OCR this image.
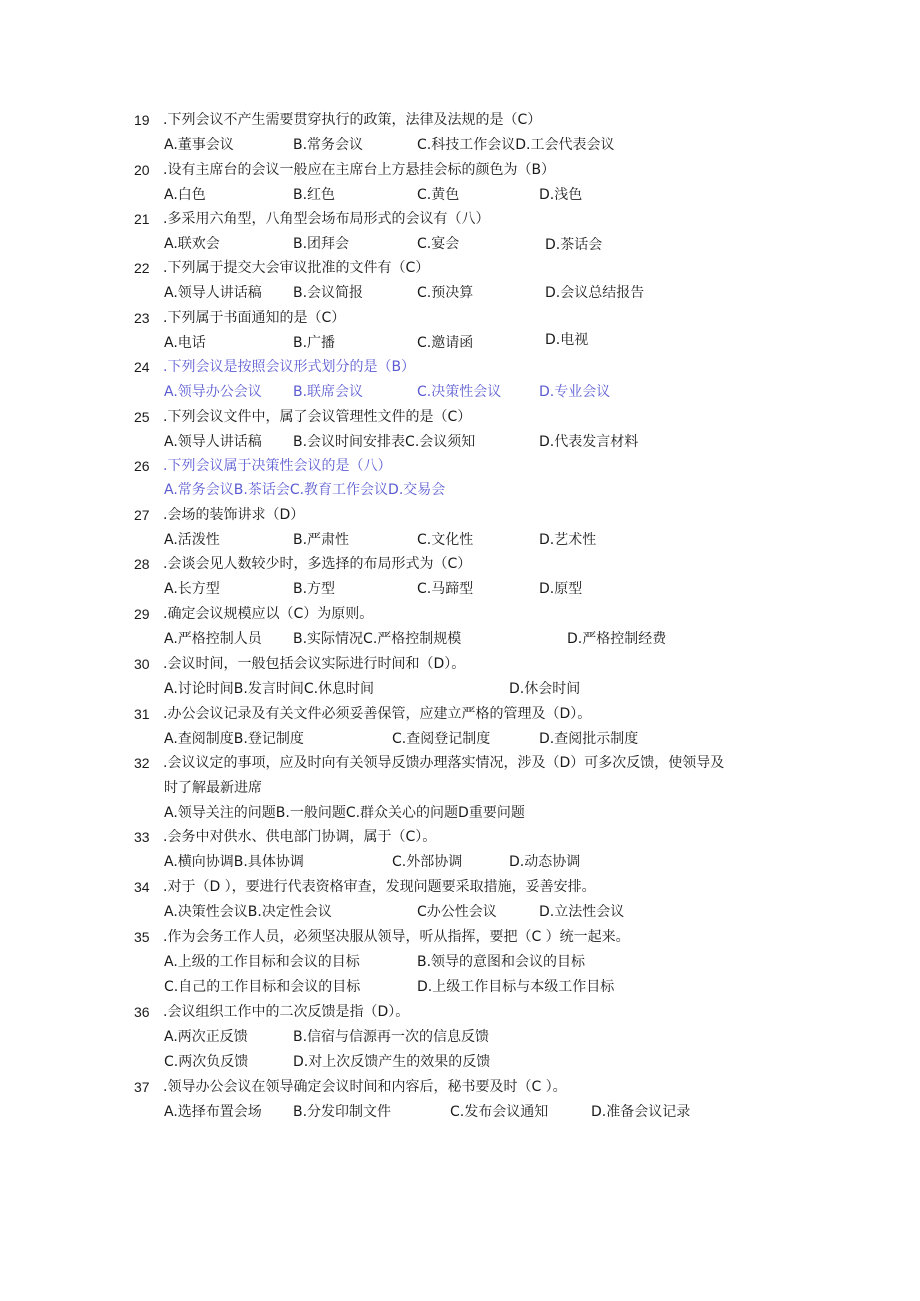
19 .下列会议不产生需要贯穿执行的政策，法律及法规的是（C）
A.董事会议	B.常务会议	C.科技工作会议D.工会代表会议
20 .设有主席台的会议一般应在主席台上方悬挂会标的颜色为（B）
A.白色	B.红色	C.黄色	D.浅色
21 .多采用六角型，八角型会场布局形式的会议有（八）
A.联欢会	B.团拜会	C.宴会	D.茶话会
22 .下列属于提交大会审议批准的文件有（C）
A.领导人讲话稿 B.会议简报	C.预决算	D.会议总结报告
23 .下列属于书面通知的是（C）
A.电话	B.广播	C.邀请函	D.电视
24 .下列会议是按照会议形式划分的是（B）
A.领导办公会议 B.联席会议	C.决策性会议	D.专业会议
25 .下列会议文件中，属了会议管理性文件的是（C）
A.领导人讲话稿 B.会议时间安排表C.会议须知	D.代表发言材料
26 .下列会议属于决策性会议的是（八）
A.常务会议B.茶话会C.教育工作会议D.交易会
27 .会场的装饰讲求（D）
A.活泼性	B.严肃性	C.文化性	D.艺术性
28 .会谈会见人数较少时，多选择的布局形式为（C）
A.长方型	B.方型	C.马蹄型	D.原型
29 .确定会议规模应以（C）为原则。
A.严格控制人员 B.实际情况C.严格控制规模	D.严格控制经费
30 .会议时间，一般包括会议实际进行时间和（D）。
A.讨论时间B.发言时间C.休息时间	D.休会时间
31 .办公会议记录及有关文件必须妥善保管，应建立严格的管理及（D）。
A.查阅制度B.登记制度	C.查阅登记制度	D.查阅批示制度
32 .会议议定的事项，应及时向有关领导反馈办理落实情况，涉及（D）可多次反馈，使领导及
时了解最新进席
A.领导关注的问题B.一般问题C.群众关心的问题D重要问题
33 .会务中对供水、供电部门协调，属于（C）。
A.横向协调B.具体协调	C.外部协调	D.动态协调
34 .对于（D ），要进行代表资格审查，发现问题要采取措施，妥善安排。
A.决策性会议B.决定性会议	C办公性会议	D.立法性会议
35 .作为会务工作人员，必须坚决服从领导，听从指挥，要把（C ）统一起来。
A.上级的工作目标和会议的目标	B.领导的意图和会议的目标
C.自己的工作目标和会议的目标	D.上级工作目标与本级工作目标
36 .会议组织工作中的二次反馈是指（D）。
A.两次正反馈	B.信宿与信源再一次的信息反馈
C.两次负反馈	D.对上次反馈产生的效果的反馈
37 .领导办公会议在领导确定会议时间和内容后，秘书要及时（C ）。
A.选择布置会场 B.分发印制文件	C.发布会议通知	D.准备会议记录
